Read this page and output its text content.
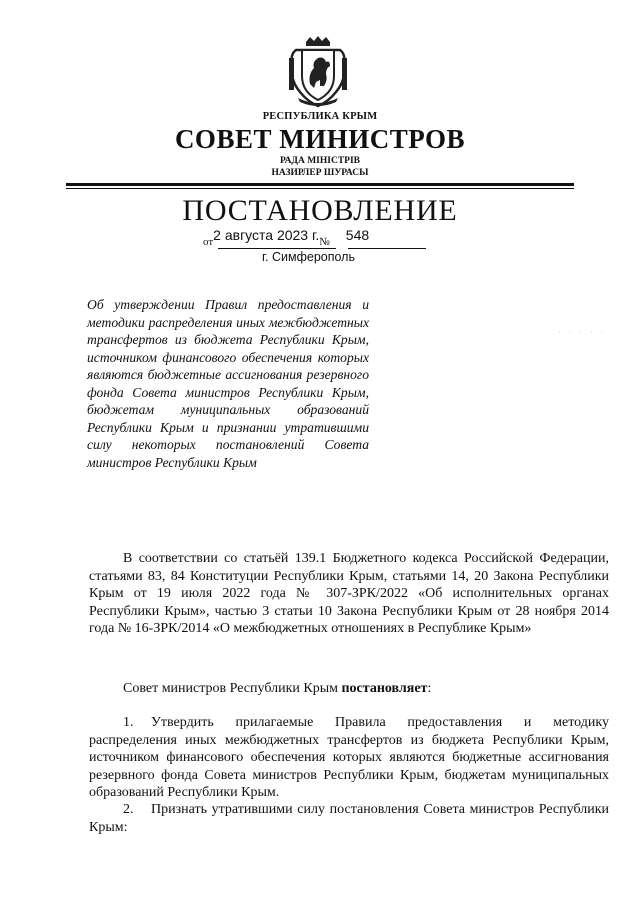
РЕСПУБЛИКА КРЫМ
СОВЕТ МИНИСТРОВ
РАДА МІНІСТРІВ
НАЗИРЛЕР ШУРАСЫ
ПОСТАНОВЛЕНИЕ
от2 августа 2023 г.№ 548
г. Симферополь
Об утверждении Правил предоставления и методики распределения иных межбюджетных трансфертов из бюджета Республики Крым, источником финансового обеспечения которых являются бюджетные ассигнования резервного фонда Совета министров Республики Крым, бюджетам муниципальных образований Республики Крым и признании утратившими силу некоторых постановлений Совета министров Республики Крым
· · · · ·
В соответствии со статьёй 139.1 Бюджетного кодекса Российской Федерации, статьями 83, 84 Конституции Республики Крым, статьями 14, 20 Закона Республики Крым от 19 июля 2022 года № 307-ЗРК/2022 «Об исполнительных органах Республики Крым», частью 3 статьи 10 Закона Республики Крым от 28 ноября 2014 года № 16-ЗРК/2014 «О межбюджетных отношениях в Республике Крым»
Совет министров Республики Крым постановляет:
1. Утвердить прилагаемые Правила предоставления и методику распределения иных межбюджетных трансфертов из бюджета Республики Крым, источником финансового обеспечения которых являются бюджетные ассигнования резервного фонда Совета министров Республики Крым, бюджетам муниципальных образований Республики Крым.
2. Признать утратившими силу постановления Совета министров Республики Крым:
